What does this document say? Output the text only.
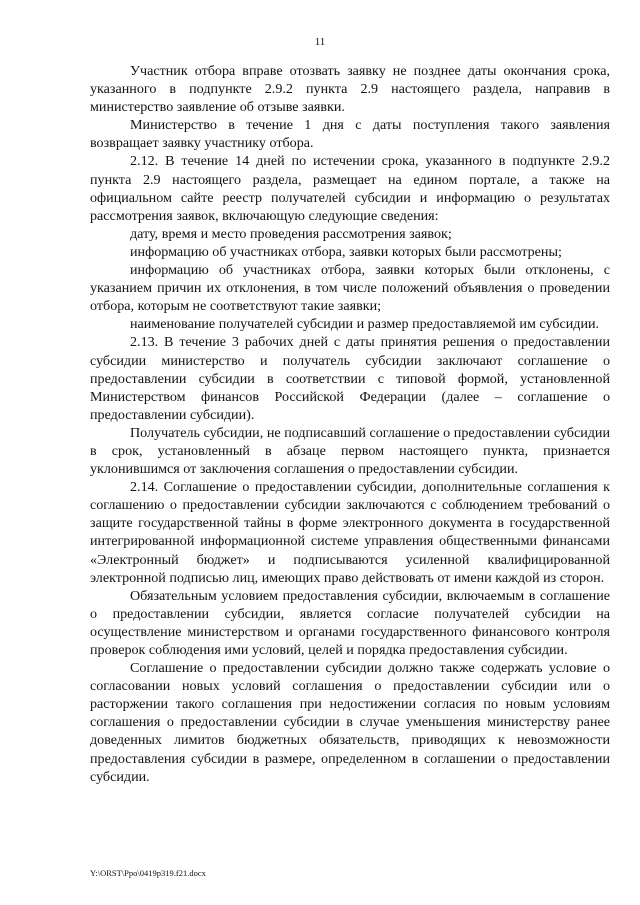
11

Участник отбора вправе отозвать заявку не позднее даты окончания срока, указанного в подпункте 2.9.2 пункта 2.9 настоящего раздела, направив в министерство заявление об отзыве заявки.

Министерство в течение 1 дня с даты поступления такого заявления возвращает заявку участнику отбора.

2.12. В течение 14 дней по истечении срока, указанного в подпункте 2.9.2 пункта 2.9 настоящего раздела, размещает на едином портале, а также на официальном сайте реестр получателей субсидии и информацию о результатах рассмотрения заявок, включающую следующие сведения:

дату, время и место проведения рассмотрения заявок;

информацию об участниках отбора, заявки которых были рассмотрены;

информацию об участниках отбора, заявки которых были отклонены, с указанием причин их отклонения, в том числе положений объявления о проведении отбора, которым не соответствуют такие заявки;

наименование получателей субсидии и размер предоставляемой им субсидии.

2.13. В течение 3 рабочих дней с даты принятия решения о предоставлении субсидии министерство и получатель субсидии заключают соглашение о предоставлении субсидии в соответствии с типовой формой, установленной Министерством финансов Российской Федерации (далее – соглашение о предоставлении субсидии).

Получатель субсидии, не подписавший соглашение о предоставлении субсидии в срок, установленный в абзаце первом настоящего пункта, признается уклонившимся от заключения соглашения о предоставлении субсидии.

2.14. Соглашение о предоставлении субсидии, дополнительные соглашения к соглашению о предоставлении субсидии заключаются с соблюдением требований о защите государственной тайны в форме электронного документа в государственной интегрированной информационной системе управления общественными финансами «Электронный бюджет» и подписываются усиленной квалифицированной электронной подписью лиц, имеющих право действовать от имени каждой из сторон.

Обязательным условием предоставления субсидии, включаемым в соглашение о предоставлении субсидии, является согласие получателей субсидии на осуществление министерством и органами государственного финансового контроля проверок соблюдения ими условий, целей и порядка предоставления субсидии.

Соглашение о предоставлении субсидии должно также содержать условие о согласовании новых условий соглашения о предоставлении субсидии или о расторжении такого соглашения при недостижении согласия по новым условиям соглашения о предоставлении субсидии в случае уменьшения министерству ранее доведенных лимитов бюджетных обязательств, приводящих к невозможности предоставления субсидии в размере, определенном в соглашении о предоставлении субсидии.

Y:\ORST\Ppo\0419p319.f21.docx
